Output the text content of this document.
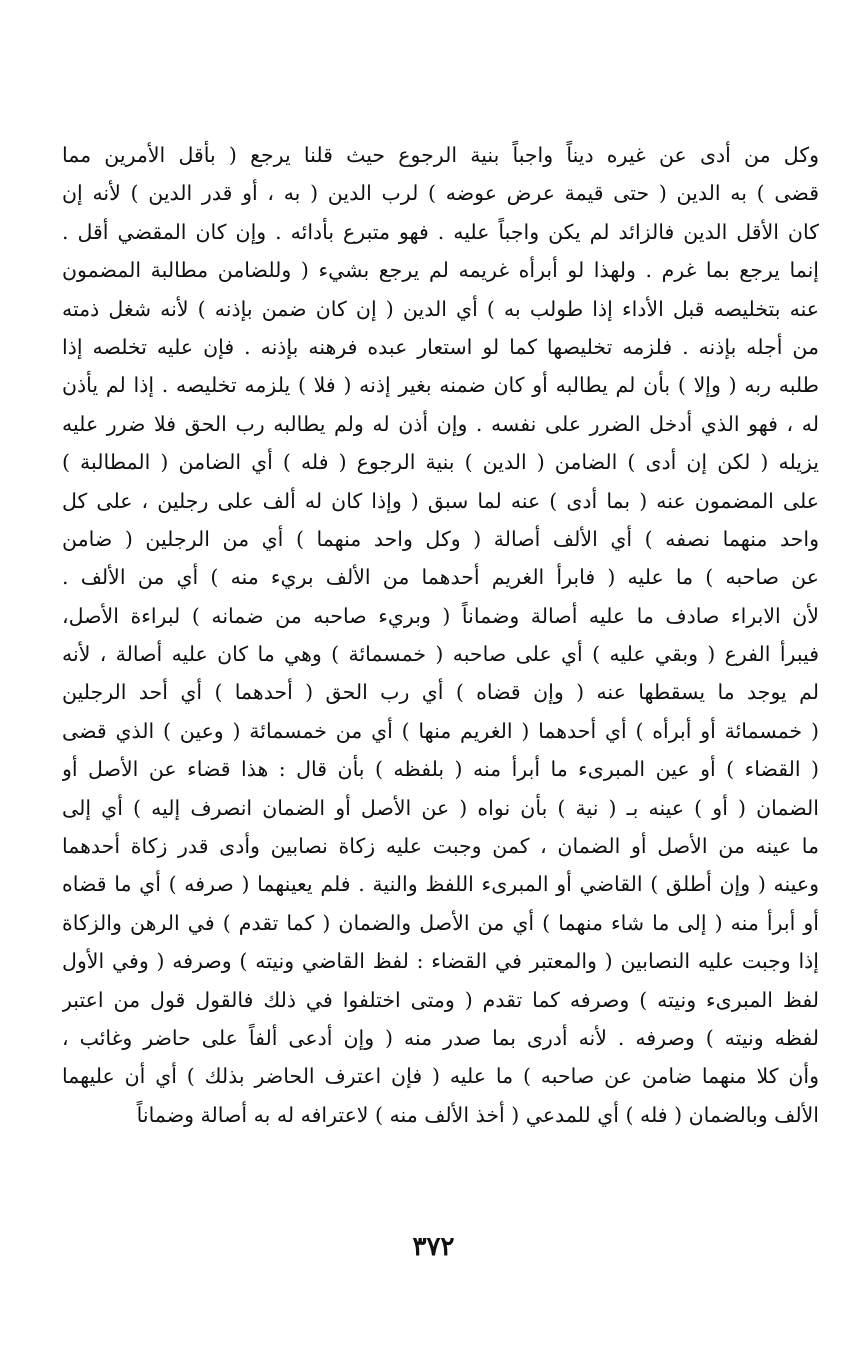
وكل من أدى عن غيره ديناً واجباً بنية الرجوع حيث قلنا يرجع ( بأقل الأمرين مما
قضى ) به الدين ( حتى قيمة عرض عوضه ) لرب الدين ( به ، أو قدر الدين ) لأنه إن
كان الأقل الدين فالزائد لم يكن واجباً عليه . فهو متبرع بأدائه . وإن كان المقضي أقل .
إنما يرجع بما غرم . ولهذا لو أبرأه غريمه لم يرجع بشيء ( وللضامن مطالبة المضمون
عنه بتخليصه قبل الأداء إذا طولب به ) أي الدين ( إن كان ضمن بإذنه ) لأنه شغل ذمته
من أجله بإذنه . فلزمه تخليصها كما لو استعار عبده فرهنه بإذنه . فإن عليه تخلصه إذا
طلبه ربه ( وإلا ) بأن لم يطالبه أو كان ضمنه بغير إذنه ( فلا ) يلزمه تخليصه . إذا لم يأذن
له ، فهو الذي أدخل الضرر على نفسه . وإن أذن له ولم يطالبه رب الحق فلا ضرر عليه
يزيله ( لكن إن أدى ) الضامن ( الدين ) بنية الرجوع ( فله ) أي الضامن ( المطالبة )
على المضمون عنه ( بما أدى ) عنه لما سبق ( وإذا كان له ألف على رجلين ، على كل
واحد منهما نصفه ) أي الألف أصالة ( وكل واحد منهما ) أي من الرجلين ( ضامن
عن صاحبه ) ما عليه ( فابرأ الغريم أحدهما من الألف بريء منه ) أي من الألف .
لأن الابراء صادف ما عليه أصالة وضماناً ( وبريء صاحبه من ضمانه ) لبراءة الأصل،
فيبرأ الفرع ( وبقي عليه ) أي على صاحبه ( خمسمائة ) وهي ما كان عليه أصالة ، لأنه
لم يوجد ما يسقطها عنه ( وإن قضاه ) أي رب الحق ( أحدهما ) أي أحد الرجلين
( خمسمائة أو أبرأه ) أي أحدهما ( الغريم منها ) أي من خمسمائة ( وعين ) الذي قضى
( القضاء ) أو عين المبرىء ما أبرأ منه ( بلفظه ) بأن قال : هذا قضاء عن الأصل أو
الضمان ( أو ) عينه بـ ( نية ) بأن نواه ( عن الأصل أو الضمان انصرف إليه ) أي إلى
ما عينه من الأصل أو الضمان ، كمن وجبت عليه زكاة نصابين وأدى قدر زكاة أحدهما
وعينه ( وإن أطلق ) القاضي أو المبرىء اللفظ والنية . فلم يعينهما ( صرفه ) أي ما قضاه
أو أبرأ منه ( إلى ما شاء منهما ) أي من الأصل والضمان ( كما تقدم ) في الرهن والزكاة
إذا وجبت عليه النصابين ( والمعتبر في القضاء : لفظ القاضي ونيته ) وصرفه ( وفي الأول
لفظ المبرىء ونيته ) وصرفه كما تقدم ( ومتى اختلفوا في ذلك فالقول قول من اعتبر
لفظه ونيته ) وصرفه . لأنه أدرى بما صدر منه ( وإن أدعى ألفاً على حاضر وغائب ،
وأن كلا منهما ضامن عن صاحبه ) ما عليه ( فإن اعترف الحاضر بذلك ) أي أن عليهما
الألف وبالضمان ( فله ) أي للمدعي ( أخذ الألف منه ) لاعترافه له به أصالة وضماناً
٣٧٢
